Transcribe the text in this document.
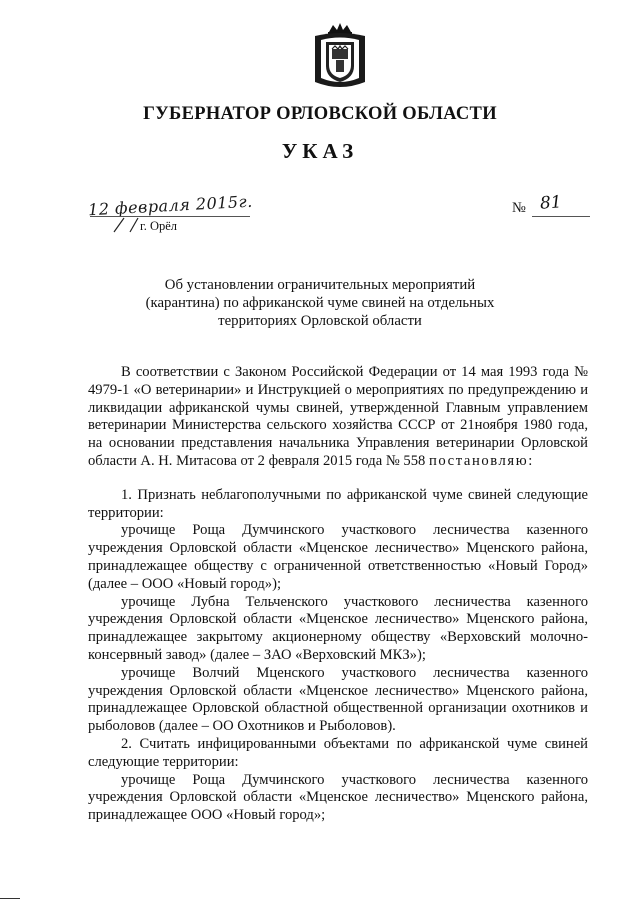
ГУБЕРНАТОР ОРЛОВСКОЙ ОБЛАСТИ
УКАЗ
12 февраля 2015г.
г. Орёл
№ 81
Об установлении ограничительных мероприятий
(карантина) по африканской чуме свиней на отдельных
территориях Орловской области

В соответствии с Законом Российской Федерации от 14 мая 1993 года № 4979-1 «О ветеринарии» и Инструкцией о мероприятиях по предупреждению и ликвидации африканской чумы свиней, утвержденной Главным управлением ветеринарии Министерства сельского хозяйства СССР от 21ноября 1980 года, на основании представления начальника Управления ветеринарии Орловской области А. Н. Митасова от 2 февраля 2015 года № 558 постановляю:

1. Признать неблагополучными по африканской чуме свиней следующие территории:

урочище Роща Думчинского участкового лесничества казенного учреждения Орловской области «Мценское лесничество» Мценского района, принадлежащее обществу с ограниченной ответственностью «Новый Город» (далее – ООО «Новый город»);

урочище Лубна Тельченского участкового лесничества казенного учреждения Орловской области «Мценское лесничество» Мценского района, принадлежащее закрытому акционерному обществу «Верховский молочно-консервный завод» (далее – ЗАО «Верховский МКЗ»);

урочище Волчий Мценского участкового лесничества казенного учреждения Орловской области «Мценское лесничество» Мценского района, принадлежащее Орловской областной общественной организации охотников и рыболовов (далее – ОО Охотников и Рыболовов).

2. Считать инфицированными объектами по африканской чуме свиней следующие территории:

урочище Роща Думчинского участкового лесничества казенного учреждения Орловской области «Мценское лесничество» Мценского района, принадлежащее ООО «Новый город»;
